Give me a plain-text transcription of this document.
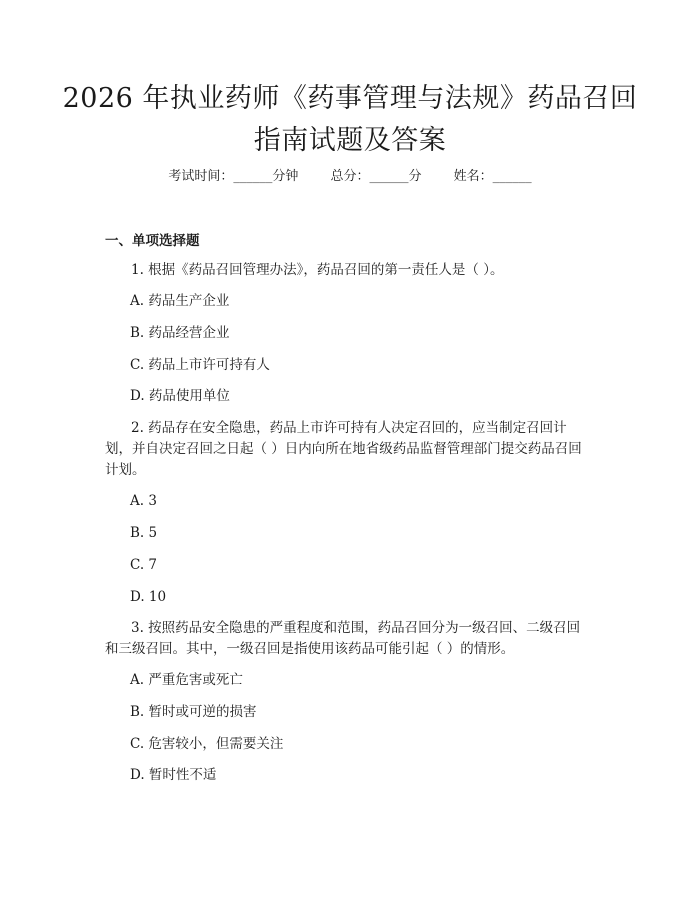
2026 年执业药师《药事管理与法规》药品召回指南试题及答案
考试时间：______分钟 总分：______分 姓名：______
一、单项选择题
1. 根据《药品召回管理办法》，药品召回的第一责任人是（ ）。
A. 药品生产企业
B. 药品经营企业
C. 药品上市许可持有人
D. 药品使用单位
2. 药品存在安全隐患，药品上市许可持有人决定召回的，应当制定召回计划，并自决定召回之日起（ ）日内向所在地省级药品监督管理部门提交药品召回计划。
A. 3
B. 5
C. 7
D. 10
3. 按照药品安全隐患的严重程度和范围，药品召回分为一级召回、二级召回和三级召回。其中，一级召回是指使用该药品可能引起（ ）的情形。
A. 严重危害或死亡
B. 暂时或可逆的损害
C. 危害较小，但需要关注
D. 暂时性不适
